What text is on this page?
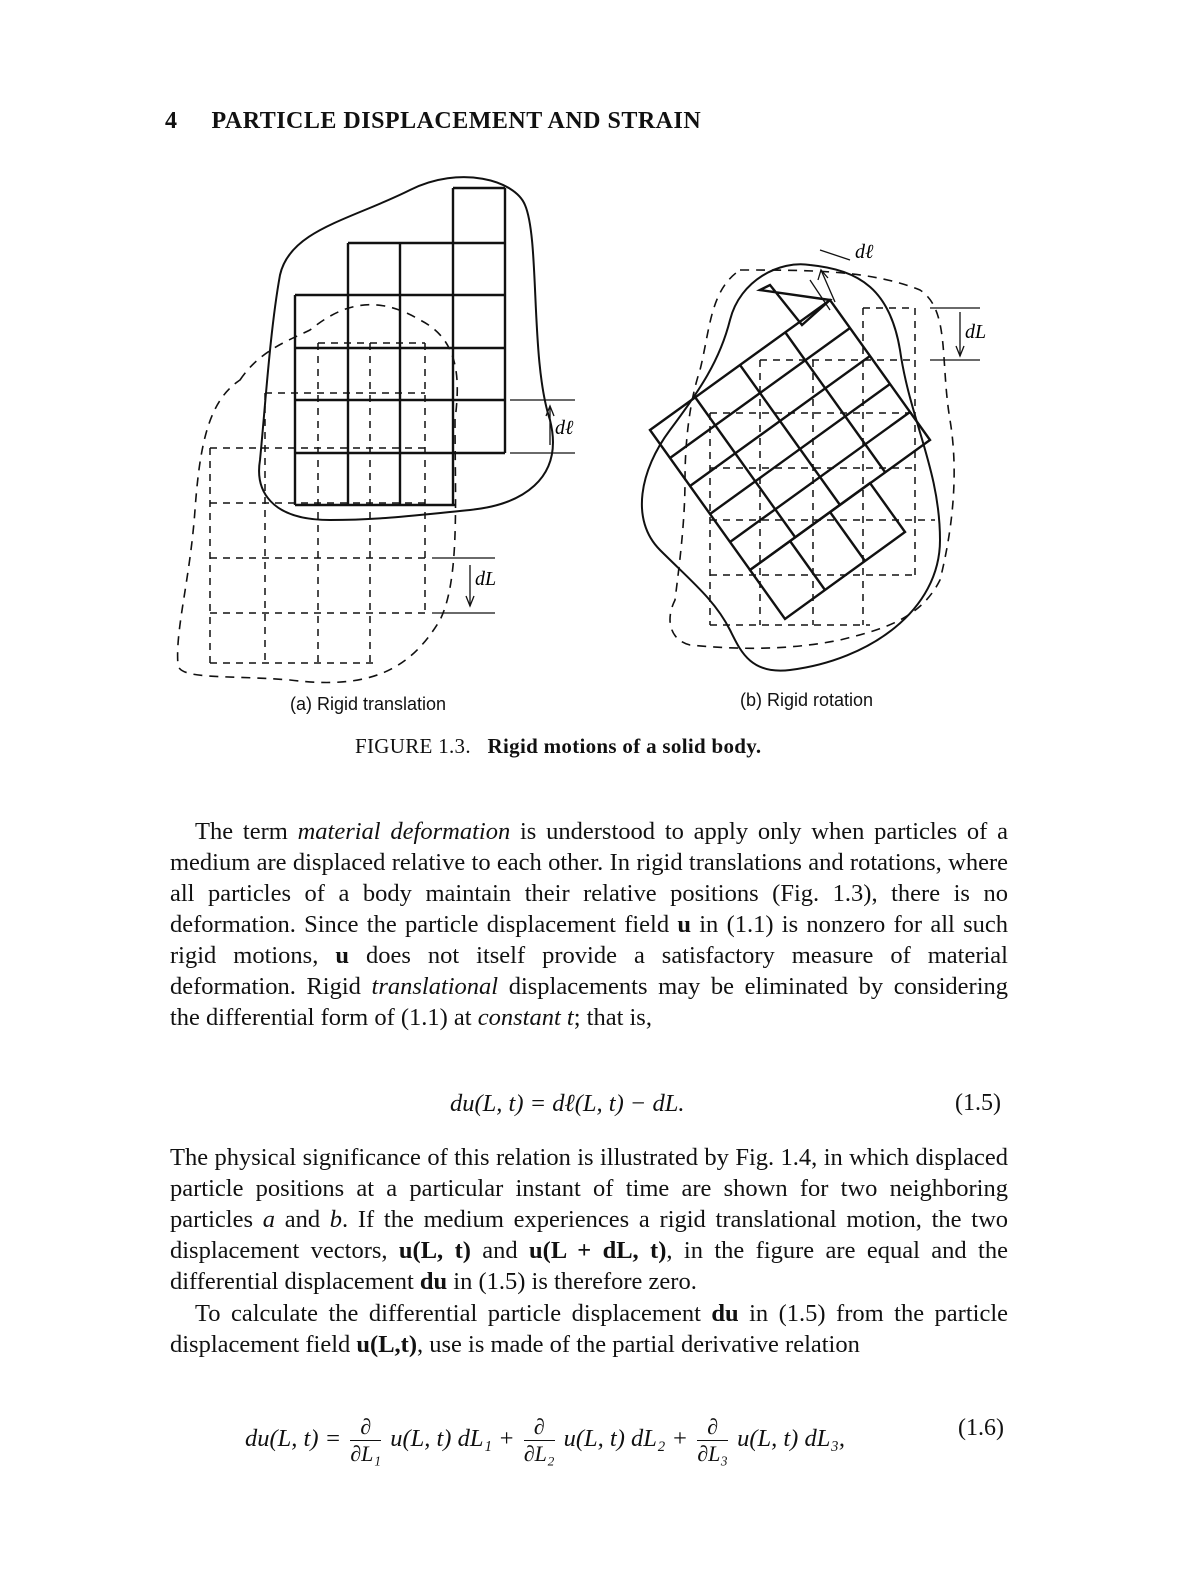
4 PARTICLE DISPLACEMENT AND STRAIN
dℓ
dL
dL
dℓ
(a) Rigid translation	(b) Rigid rotation
FIGURE 1.3. Rigid motions of a solid body.
The term material deformation is understood to apply only when particles of a medium are displaced relative to each other. In rigid translations and rotations, where all particles of a body maintain their relative positions (Fig. 1.3), there is no deformation. Since the particle displacement field u in (1.1) is nonzero for all such rigid motions, u does not itself provide a satisfactory measure of material deformation. Rigid translational displacements may be eliminated by considering the differential form of (1.1) at constant t; that is,
du(L, t) = dℓ(L, t) − dL.	(1.5)
The physical significance of this relation is illustrated by Fig. 1.4, in which displaced particle positions at a particular instant of time are shown for two neighboring particles a and b. If the medium experiences a rigid translational motion, the two displacement vectors, u(L, t) and u(L + dL, t), in the figure are equal and the differential displacement du in (1.5) is therefore zero.
To calculate the differential particle displacement du in (1.5) from the particle displacement field u(L,t), use is made of the partial derivative relation
du(L, $t) = \frac{\partial}{\text{∂L₁}} u(L$, t) $dL_1 + \frac{\partial}{\text{∂L₂}} u(L$, t) $dL_2 + \frac{\partial}{\text{∂L₃}} u(L$, t) dL₃,	(1.6)
